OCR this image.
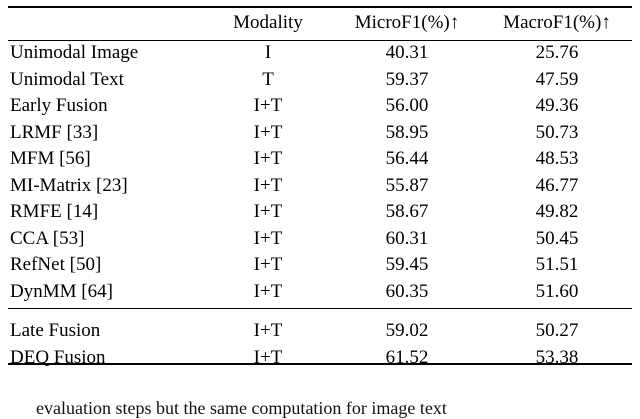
	Modality	MicroF1(%)↑	MacroF1(%)↑
Unimodal Image	I	40.31	25.76
Unimodal Text	T	59.37	47.59
Early Fusion	I+T	56.00	49.36
LRMF [33]	I+T	58.95	50.73
MFM [56]	I+T	56.44	48.53
MI-Matrix [23]	I+T	55.87	46.77
RMFE [14]	I+T	58.67	49.82
CCA [53]	I+T	60.31	50.45
RefNet [50]	I+T	59.45	51.51
DynMM [64]	I+T	60.35	51.60

Late Fusion	I+T	59.02	50.27
DEQ Fusion	I+T	61.52	53.38
evaluation steps but the same computation for image text
